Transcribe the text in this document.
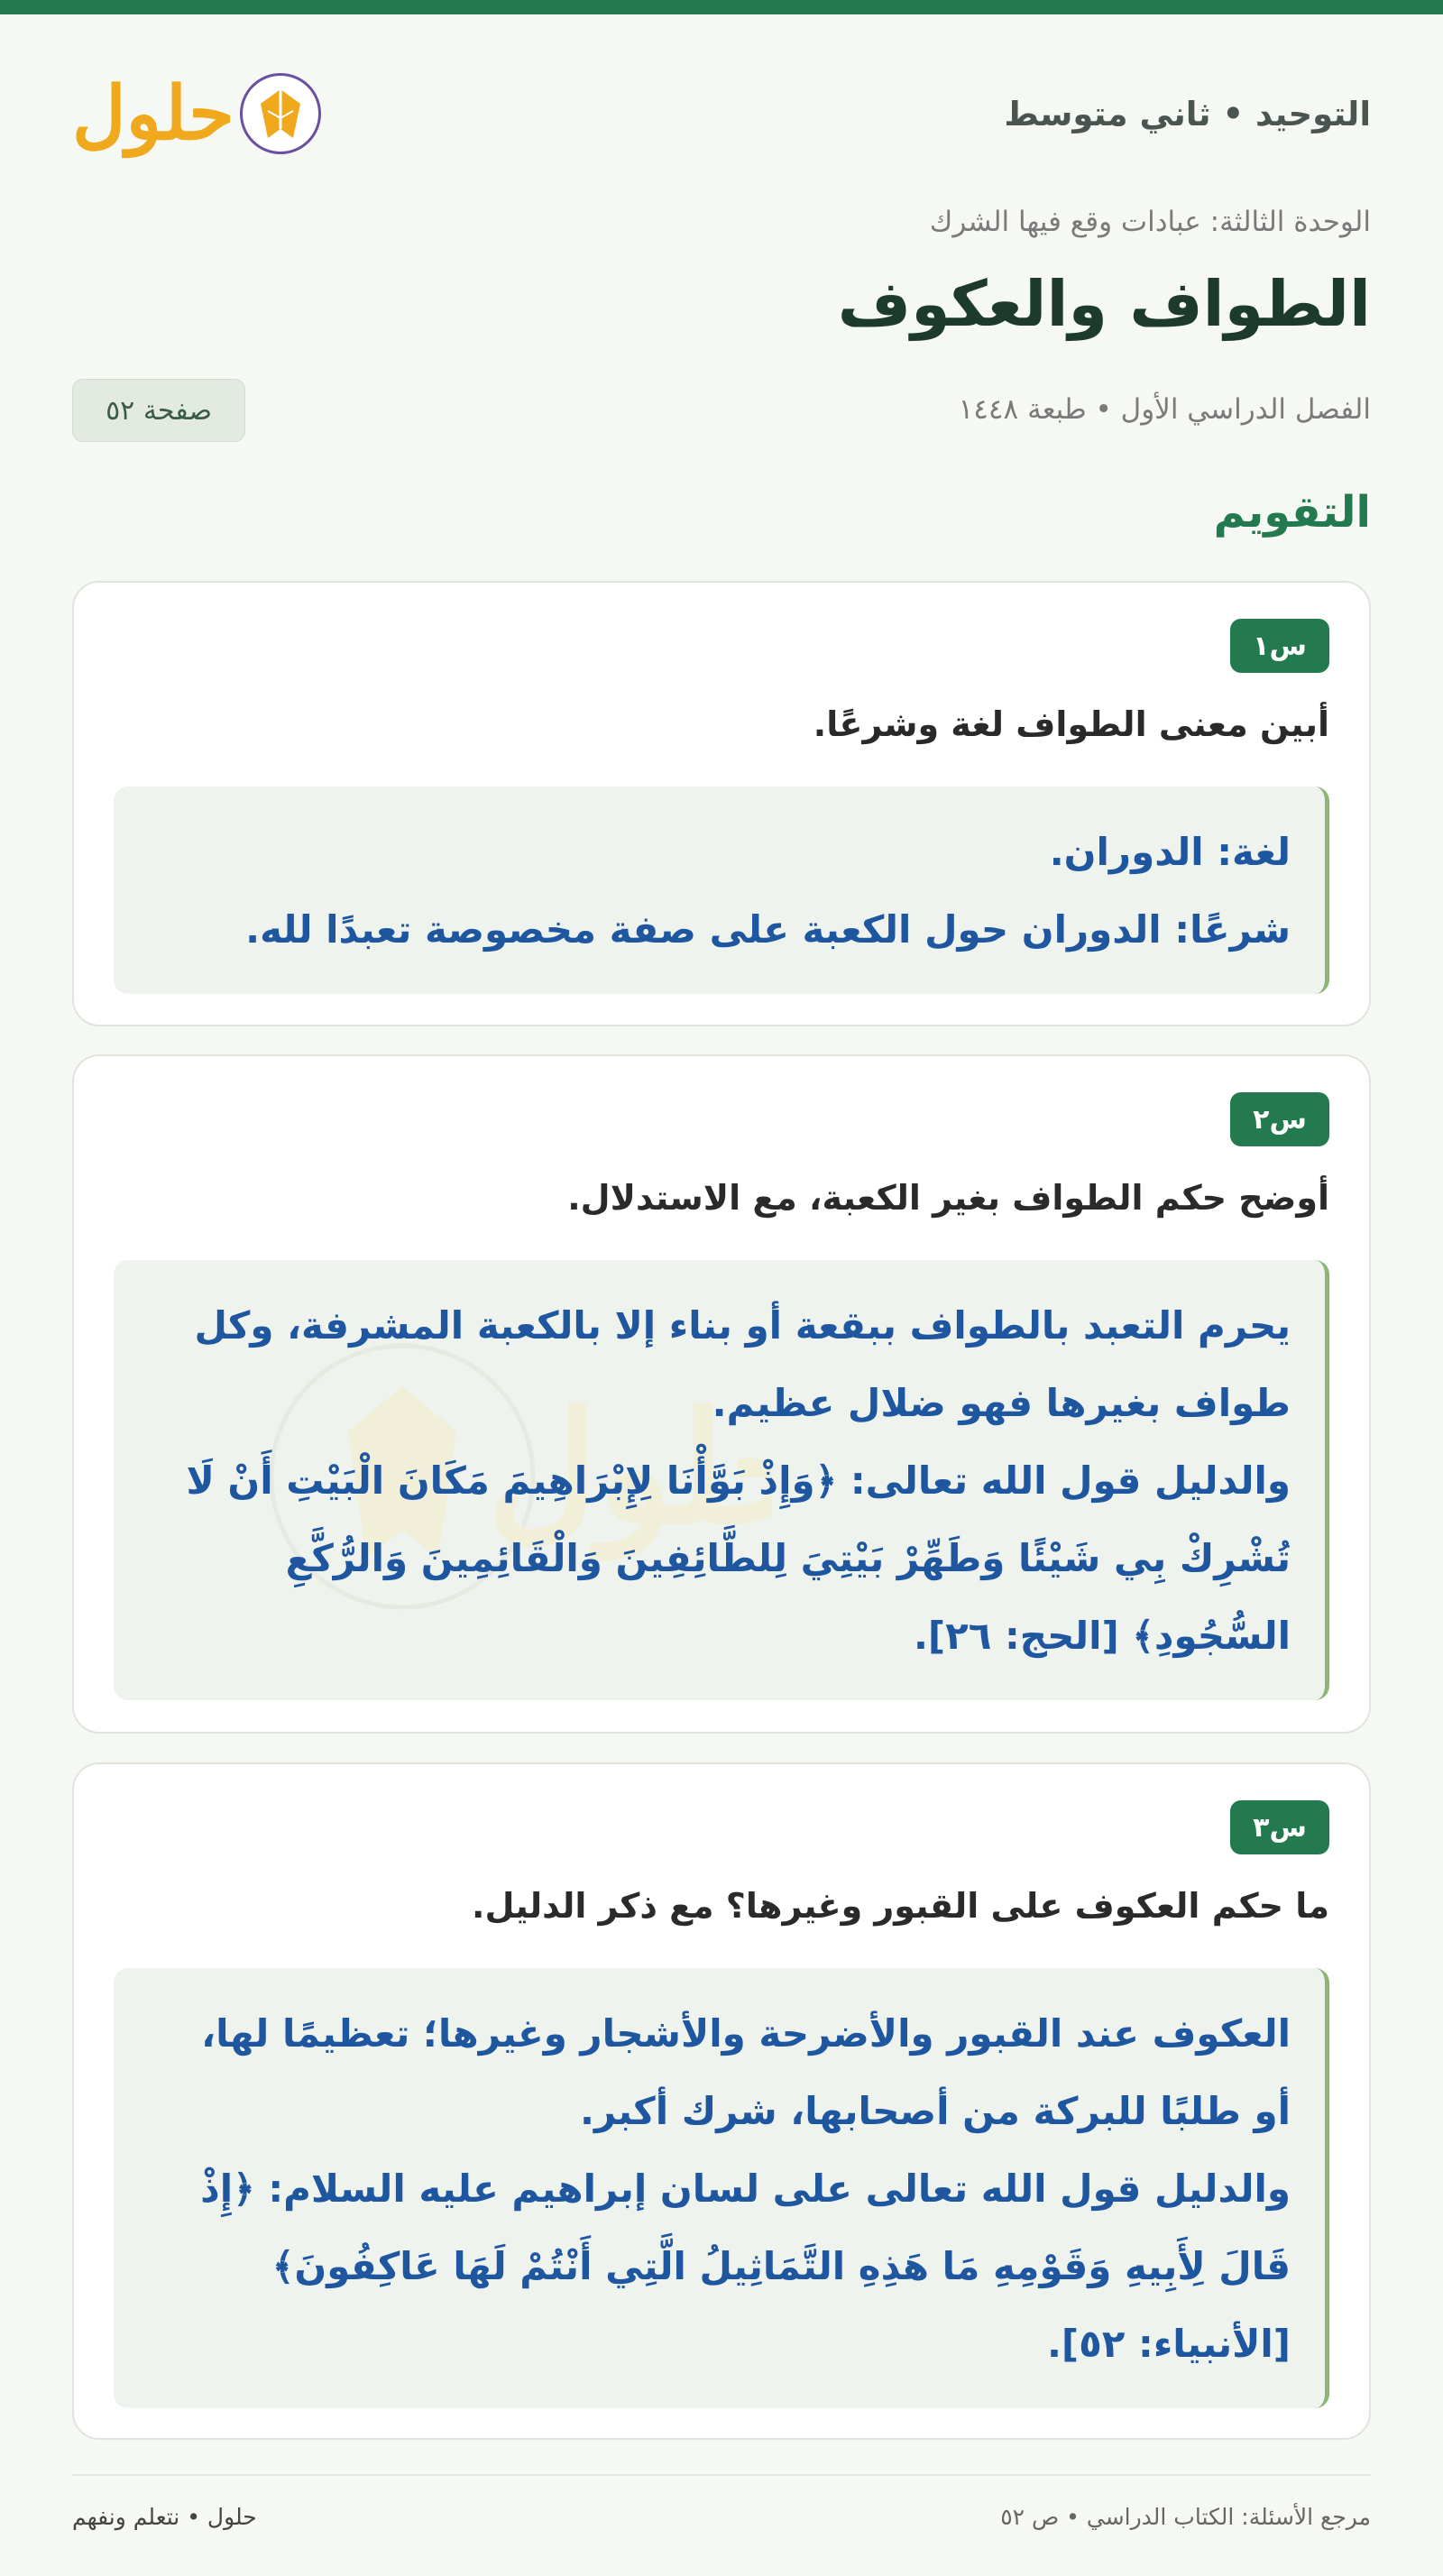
التوحيد • ثاني متوسط
حلول
الوحدة الثالثة: عبادات وقع فيها الشرك
الطواف والعكوف
الفصل الدراسي الأول • طبعة ١٤٤٨
صفحة ٥٢
التقويم
س١
أبين معنى الطواف لغة وشرعًا.

لغة: الدوران.

شرعًا: الدوران حول الكعبة على صفة مخصوصة تعبدًا لله.

س٢
أوضح حكم الطواف بغير الكعبة، مع الاستدلال.
لول

يحرم التعبد بالطواف ببقعة أو بناء إلا بالكعبة المشرفة، وكل

طواف بغيرها فهو ضلال عظيم.

والدليل قول الله تعالى: ﴿وَإِذْ بَوَّأْنَا لِإِبْرَاهِيمَ مَكَانَ الْبَيْتِ أَنْ لَا

تُشْرِكْ بِي شَيْئًا وَطَهِّرْ بَيْتِيَ لِلطَّائِفِينَ وَالْقَائِمِينَ وَالرُّكَّعِ

السُّجُودِ﴾ [الحج: ٢٦].

س٣
ما حكم العكوف على القبور وغيرها؟ مع ذكر الدليل.

العكوف عند القبور والأضرحة والأشجار وغيرها؛ تعظيمًا لها،

أو طلبًا للبركة من أصحابها، شرك أكبر.

والدليل قول الله تعالى على لسان إبراهيم عليه السلام: ﴿إِذْ

قَالَ لِأَبِيهِ وَقَوْمِهِ مَا هَذِهِ التَّمَاثِيلُ الَّتِي أَنْتُمْ لَهَا عَاكِفُونَ﴾

[الأنبياء: ٥٢].

مرجع الأسئلة: الكتاب الدراسي • ص ٥٢
حلول • نتعلم ونفهم
